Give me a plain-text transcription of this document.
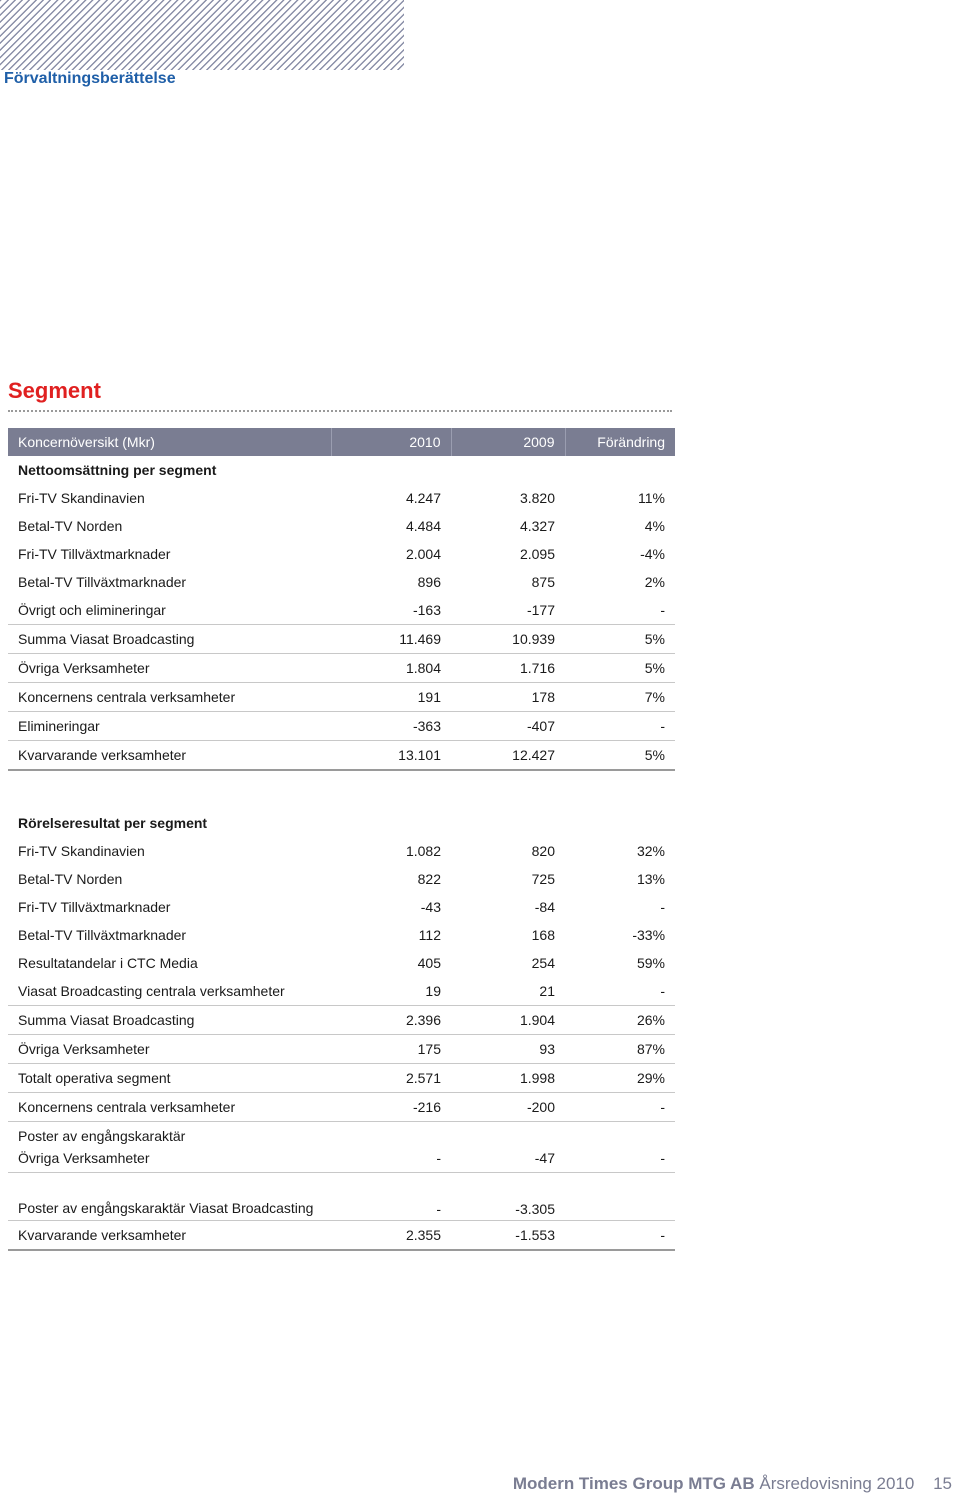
Förvaltningsberättelse
Segment
Koncernöversikt (Mkr)	2010	2009	Förändring
Nettoomsättning per segment			
Fri-TV Skandinavien	4.247	3.820	11%
Betal-TV Norden	4.484	4.327	4%
Fri-TV Tillväxtmarknader	2.004	2.095	-4%
Betal-TV Tillväxtmarknader	896	875	2%
Övrigt och elimineringar	-163	-177	-
Summa Viasat Broadcasting	11.469	10.939	5%
Övriga Verksamheter	1.804	1.716	5%
Koncernens centrala verksamheter	191	178	7%
Elimineringar	-363	-407	-
Kvarvarande verksamheter	13.101	12.427	5%
Rörelseresultat per segment			
Fri-TV Skandinavien	1.082	820	32%
Betal-TV Norden	822	725	13%
Fri-TV Tillväxtmarknader	-43	-84	-
Betal-TV Tillväxtmarknader	112	168	-33%
Resultatandelar i CTC Media	405	254	59%
Viasat Broadcasting centrala verksamheter	19	21	-
Summa Viasat Broadcasting	2.396	1.904	26%
Övriga Verksamheter	175	93	87%
Totalt operativa segment	2.571	1.998	29%
Koncernens centrala verksamheter	-216	-200	-
Poster av engångskaraktär			
Övriga Verksamheter	-	-47	-
Poster av engångskaraktär Viasat Broadcasting	-	-3.305	
Kvarvarande verksamheter	2.355	-1.553	-
Modern Times Group MTG AB Årsredovisning 2010 15
